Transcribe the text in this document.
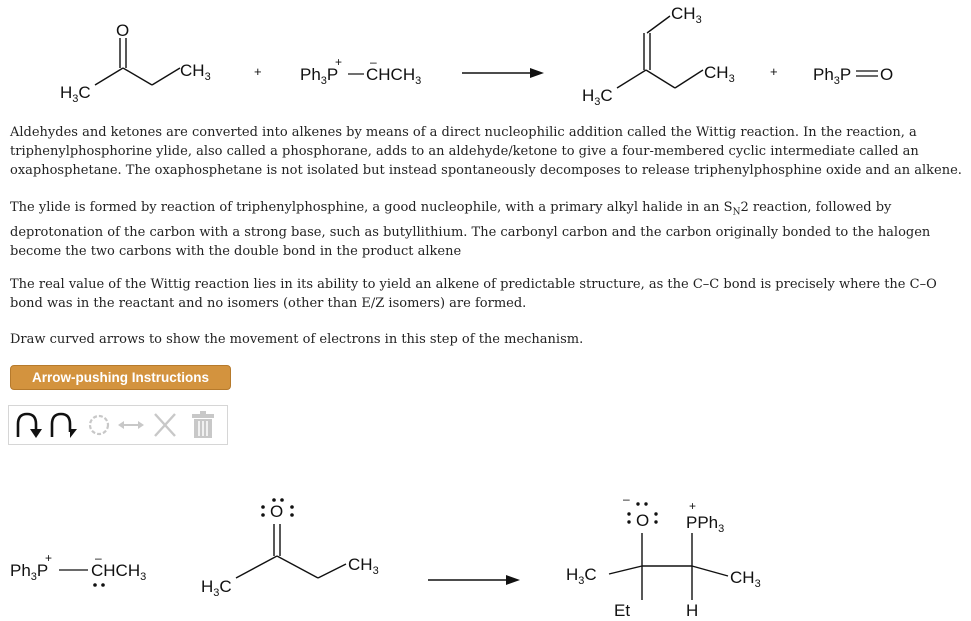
O
$H_3C$
$CH_3$	+ $Ph_3P$
+
$CHCH_3$
–
$CH_3$
$H_3C$
$CH_3$	+ $Ph_3P$ O

Aldehydes and ketones are converted into alkenes by means of a direct nucleophilic addition called the Wittig reaction. In the reaction, a triphenylphosphorine ylide, also called a phosphorane, adds to an aldehyde/ketone to give a four-membered cyclic intermediate called an oxaphosphetane. The oxaphosphetane is not isolated but instead spontaneously decomposes to release triphenylphosphine oxide and an alkene.

The ylide is formed by reaction of triphenylphosphine, a good nucleophile, with a primary alkyl halide in an $S_N2$ reaction, followed by deprotonation of the carbon with a strong base, such as butyllithium. The carbonyl carbon and the carbon originally bonded to the halogen become the two carbons with the double bond in the product alkene

The real value of the Wittig reaction lies in its ability to yield an alkene of predictable structure, as the C–C bond is precisely where the C–O bond was in the reactant and no isomers (other than E/Z isomers) are formed.

Draw curved arrows to show the movement of electrons in this step of the mechanism.

Arrow-pushing Instructions
$Ph_3P$
+
$CHCH_3$
–
O
$H_3C$
$CH_3$
O
–
PPh$_3$
+
$H_3C$	$CH_3$
Et	H
